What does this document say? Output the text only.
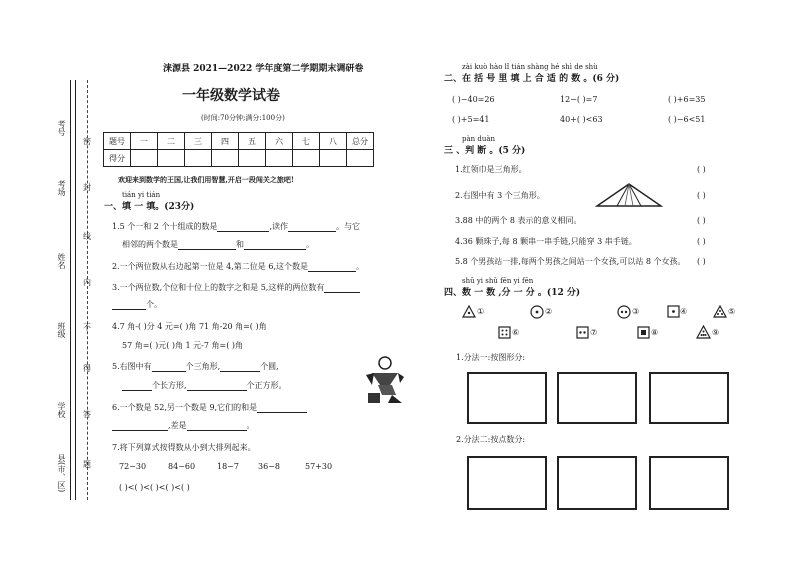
考号
考场
姓名
班级
学校
县(市、区)
密
封
线
内
不
得
答
题
涞源县 2021—2022 学年度第二学期期末调研卷
一年级数学试卷
(时间:70分钟;满分:100分)
题号	一	二	三	四	五	六	七	八	总分
得分									
欢迎来到数学的王国,让我们用智慧,开启一段闯关之旅吧!
tián yi tián
一、填 一 填。(23分)
1.5 个一和 2 个十组成的数是	,读作	。与它
相邻的两个数是	和	。
2.一个两位数从右边起第一位是 4,第二位是 6,这个数是	。
3.一个两位数,个位和十位上的数字之和是 5,这样的两位数有
个。
4.7 角-( )分 4 元=( )角 71 角-20 角=( )角
57 角=( )元( )角 1 元-7 角=( )角
5.右图中有	个三角形,	个圆,
个长方形,	个正方形。
6.一个数是 52,另一个数是 9,它们的和是
,差是	。
7.将下列算式按得数从小到大排列起来。
72−30	84−60	18−7 36−8	57+30
( )<( )<( )<( )<( )
zài kuò hào lǐ tián shàng hé shì de shù
二、在 括 号 里 填 上 合 适 的 数 。(6 分)
( )−40=26	12−( )=7	( )+6=35
( )+5=41	40+( )<63	( )−6<51
pàn duàn
三 、判 断 。(5 分)
1.红领巾是三角形。	( )
2.右图中有 3 个三角形。	( )
3.88 中的两个 8 表示的意义相同。	( )
4.36 颗珠子,每 8 颗串一串手链,只能穿 3 串手链。	( )
5.8 个男孩站一排,每两个男孩之间站一个女孩,可以站 8 个女孩。 ( )
shǔ yi shǔ fēn yi fēn
四、数 一 数 ,分 一 分 。(12 分)
①	②	③	④	⑤
⑥	⑦	⑧	⑨
1.分法一:按图形分:
2.分法二:按点数分:
